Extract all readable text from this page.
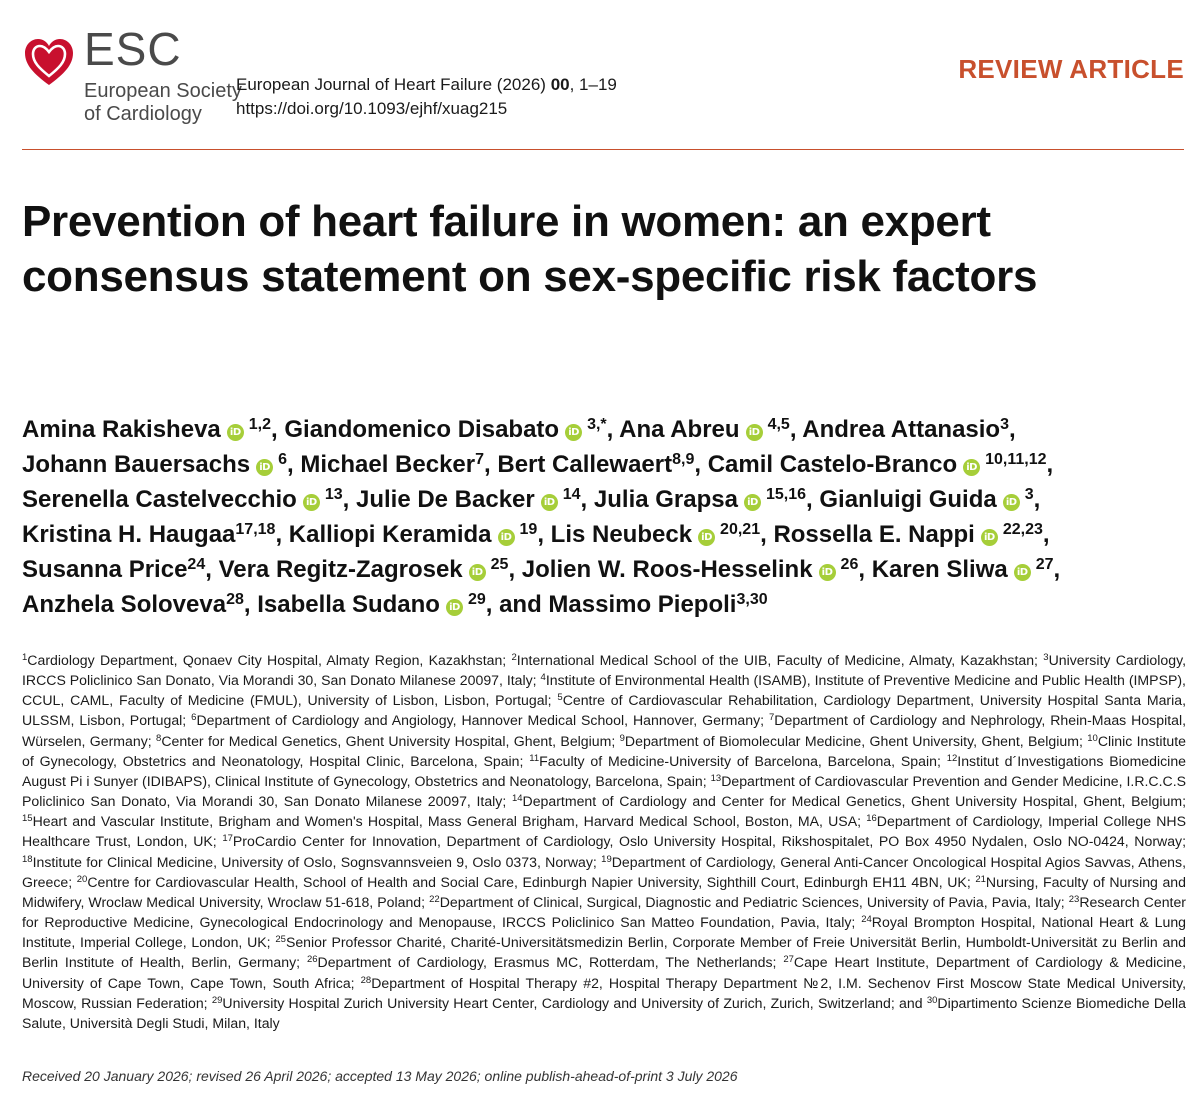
ESC
European Society
of Cardiology
European Journal of Heart Failure (2026) 00, 1–19
https://doi.org/10.1093/ejhf/xuag215
REVIEW ARTICLE
Prevention of heart failure in women: an expert consensus statement on sex-specific risk factors
Amina Rakisheva iD $^{1,2}$, Giandomenico Disabato iD $^{3,*}$, Ana Abreu iD $^{4,5}$, Andrea Attanasio$^3$, Johann Bauersachs iD $^6$, Michael Becker$^7$, Bert Callewaert$^{8,9}$, Camil Castelo-Branco iD $^{10,11,12}$, Serenella Castelvecchio iD $^{13}$, Julie De Backer iD $^{14}$, Julia Grapsa iD $^{15,16}$, Gianluigi Guida iD $^3$, Kristina H. Haugaa$^{17,18}$, Kalliopi Keramida iD $^{19}$, Lis Neubeck iD $^{20,21}$, Rossella E. Nappi iD $^{22,23}$, Susanna Price$^{24}$, Vera Regitz-Zagrosek iD $^{25}$, Jolien W. Roos-Hesselink iD $^{26}$, Karen Sliwa iD $^{27}$, Anzhela Soloveva$^{28}$, Isabella Sudano iD $^{29}$, and Massimo Piepoli$^{3,30}$
$^1$Cardiology Department, Qonaev City Hospital, Almaty Region, Kazakhstan; $^2$International Medical School of the UIB, Faculty of Medicine, Almaty, Kazakhstan; $^3$University Cardiology, IRCCS Policlinico San Donato, Via Morandi 30, San Donato Milanese 20097, Italy; $^4$Institute of Environmental Health (ISAMB), Institute of Preventive Medicine and Public Health (IMPSP), CCUL, CAML, Faculty of Medicine (FMUL), University of Lisbon, Lisbon, Portugal; $^5$Centre of Cardiovascular Rehabilitation, Cardiology Department, University Hospital Santa Maria, ULSSM, Lisbon, Portugal; $^6$Department of Cardiology and Angiology, Hannover Medical School, Hannover, Germany; $^7$Department of Cardiology and Nephrology, Rhein-Maas Hospital, Würselen, Germany; $^8$Center for Medical Genetics, Ghent University Hospital, Ghent, Belgium; $^9$Department of Biomolecular Medicine, Ghent University, Ghent, Belgium; $^{10}$Clinic Institute of Gynecology, Obstetrics and Neonatology, Hospital Clinic, Barcelona, Spain; $^{11}$Faculty of Medicine-University of Barcelona, Barcelona, Spain; $^{12}$Institut d´Investigations Biomedicine August Pi i Sunyer (IDIBAPS), Clinical Institute of Gynecology, Obstetrics and Neonatology, Barcelona, Spain; $^{13}$Department of Cardiovascular Prevention and Gender Medicine, I.R.C.C.S Policlinico San Donato, Via Morandi 30, San Donato Milanese 20097, Italy; $^{14}$Department of Cardiology and Center for Medical Genetics, Ghent University Hospital, Ghent, Belgium; $^{15}$Heart and Vascular Institute, Brigham and Women's Hospital, Mass General Brigham, Harvard Medical School, Boston, MA, USA; $^{16}$Department of Cardiology, Imperial College NHS Healthcare Trust, London, UK; $^{17}$ProCardio Center for Innovation, Department of Cardiology, Oslo University Hospital, Rikshospitalet, PO Box 4950 Nydalen, Oslo NO-0424, Norway; $^{18}$Institute for Clinical Medicine, University of Oslo, Sognsvannsveien 9, Oslo 0373, Norway; $^{19}$Department of Cardiology, General Anti-Cancer Oncological Hospital Agios Savvas, Athens, Greece; $^{20}$Centre for Cardiovascular Health, School of Health and Social Care, Edinburgh Napier University, Sighthill Court, Edinburgh EH11 4BN, UK; $^{21}$Nursing, Faculty of Nursing and Midwifery, Wroclaw Medical University, Wroclaw 51-618, Poland; $^{22}$Department of Clinical, Surgical, Diagnostic and Pediatric Sciences, University of Pavia, Pavia, Italy; $^{23}$Research Center for Reproductive Medicine, Gynecological Endocrinology and Menopause, IRCCS Policlinico San Matteo Foundation, Pavia, Italy; $^{24}$Royal Brompton Hospital, National Heart & Lung Institute, Imperial College, London, UK; $^{25}$Senior Professor Charité, Charité-Universitätsmedizin Berlin, Corporate Member of Freie Universität Berlin, Humboldt-Universität zu Berlin and Berlin Institute of Health, Berlin, Germany; $^{26}$Department of Cardiology, Erasmus MC, Rotterdam, The Netherlands; $^{27}$Cape Heart Institute, Department of Cardiology & Medicine, University of Cape Town, Cape Town, South Africa; $^{28}$Department of Hospital Therapy #2, Hospital Therapy Department №2, I.M. Sechenov First Moscow State Medical University, Moscow, Russian Federation; $^{29}$University Hospital Zurich University Heart Center, Cardiology and University of Zurich, Zurich, Switzerland; and $^{30}$Dipartimento Scienze Biomediche Della Salute, Università Degli Studi, Milan, Italy
Received 20 January 2026; revised 26 April 2026; accepted 13 May 2026; online publish-ahead-of-print 3 July 2026
